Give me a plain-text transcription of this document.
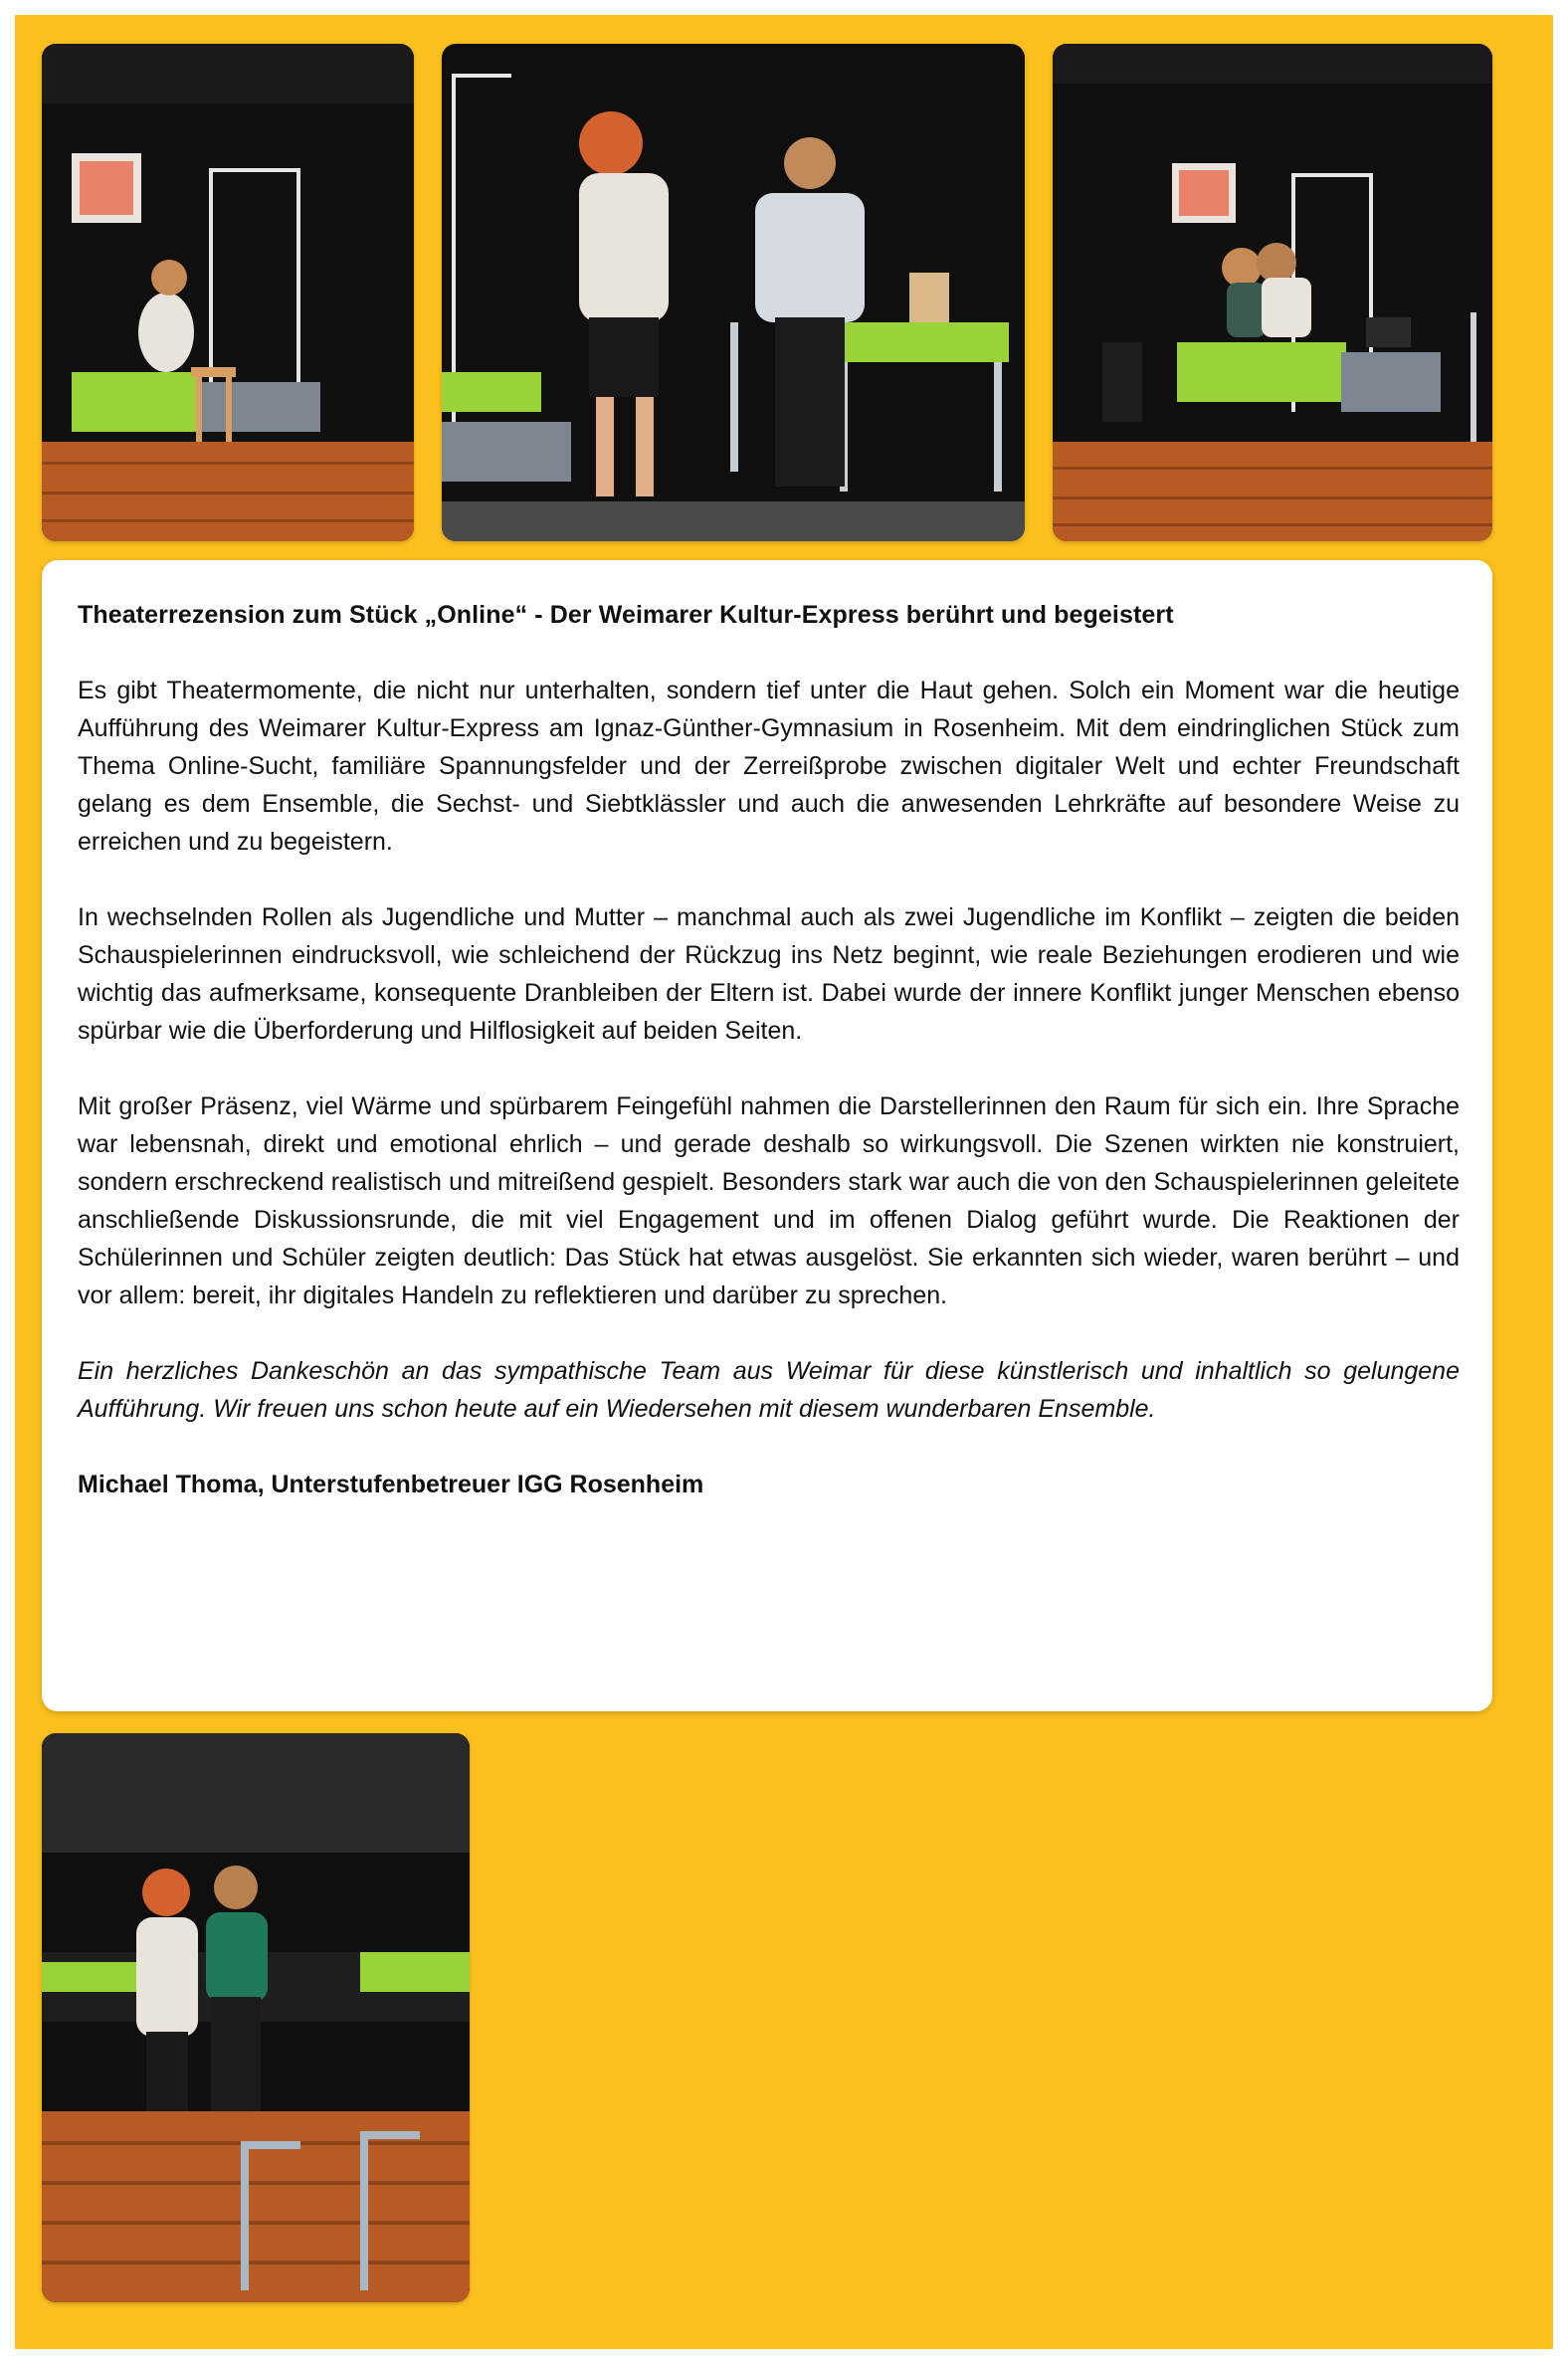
Theaterrezension zum Stück „Online“ - Der Weimarer Kultur-Express berührt und begeistert

Es gibt Theatermomente, die nicht nur unterhalten, sondern tief unter die Haut gehen. Solch ein Moment war die heutige Aufführung des Weimarer Kultur-Express am Ignaz-Günther-Gymnasium in Rosenheim. Mit dem eindringlichen Stück zum Thema Online-Sucht, familiäre Spannungsfelder und der Zerreißprobe zwischen digitaler Welt und echter Freundschaft gelang es dem Ensemble, die Sechst- und Siebtklässler und auch die anwesenden Lehrkräfte auf besondere Weise zu erreichen und zu begeistern.

In wechselnden Rollen als Jugendliche und Mutter – manchmal auch als zwei Jugendliche im Konflikt – zeigten die beiden Schauspielerinnen eindrucksvoll, wie schleichend der Rückzug ins Netz beginnt, wie reale Beziehungen erodieren und wie wichtig das aufmerksame, konsequente Dranbleiben der Eltern ist. Dabei wurde der innere Konflikt junger Menschen ebenso spürbar wie die Überforderung und Hilflosigkeit auf beiden Seiten.

Mit großer Präsenz, viel Wärme und spürbarem Feingefühl nahmen die Darstellerinnen den Raum für sich ein. Ihre Sprache war lebensnah, direkt und emotional ehrlich – und gerade deshalb so wirkungsvoll. Die Szenen wirkten nie konstruiert, sondern erschreckend realistisch und mitreißend gespielt. Besonders stark war auch die von den Schauspielerinnen geleitete anschließende Diskussionsrunde, die mit viel Engagement und im offenen Dialog geführt wurde. Die Reaktionen der Schülerinnen und Schüler zeigten deutlich: Das Stück hat etwas ausgelöst. Sie erkannten sich wieder, waren berührt – und vor allem: bereit, ihr digitales Handeln zu reflektieren und darüber zu sprechen.

Ein herzliches Dankeschön an das sympathische Team aus Weimar für diese künstlerisch und inhaltlich so gelungene Aufführung. Wir freuen uns schon heute auf ein Wiedersehen mit diesem wunderbaren Ensemble.

Michael Thoma, Unterstufenbetreuer IGG Rosenheim
